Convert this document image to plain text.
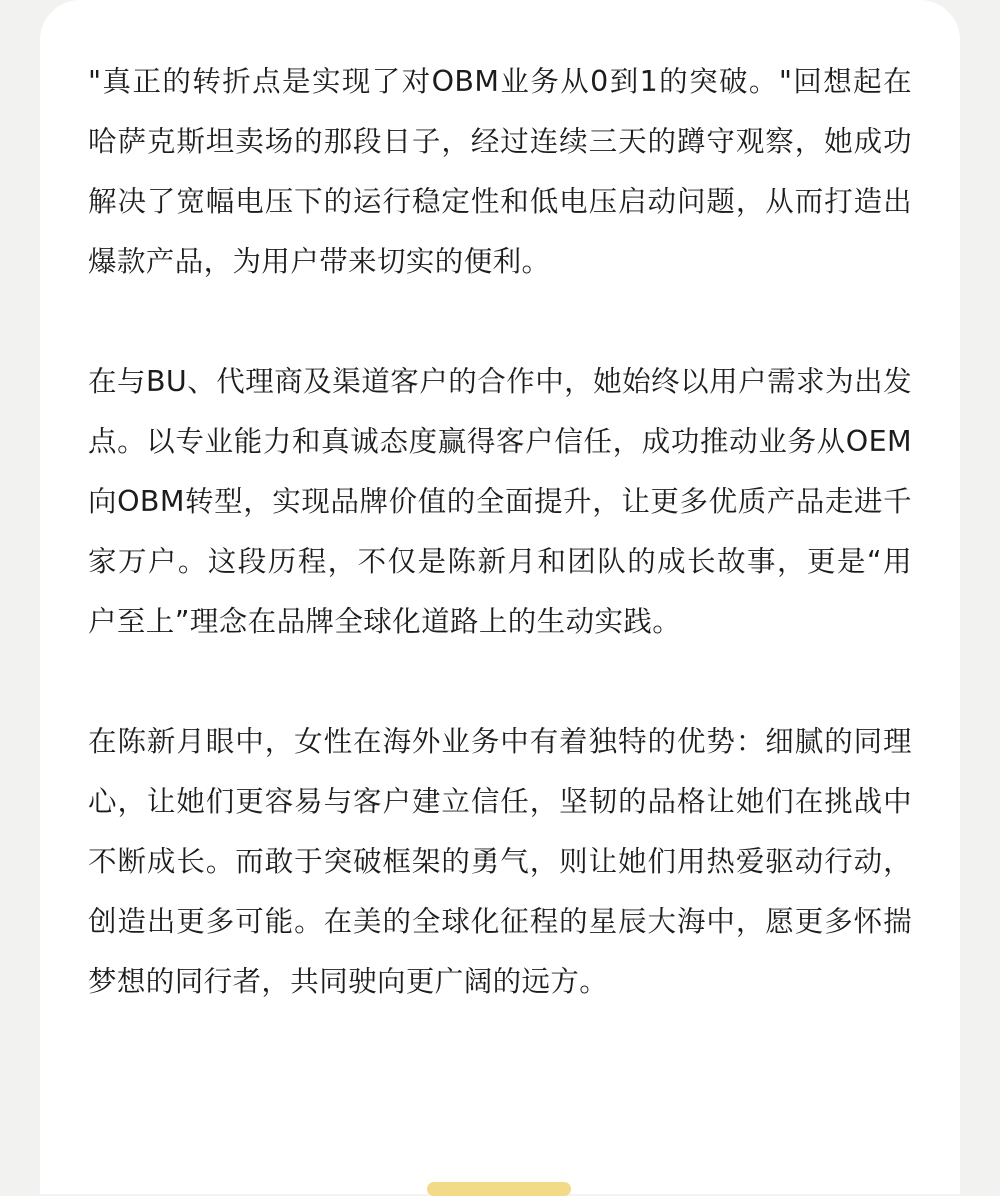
"真正的转折点是实现了对OBM业务从0到1的突破。"回想起在哈萨克斯坦卖场的那段日子，经过连续三天的蹲守观察，她成功解决了宽幅电压下的运行稳定性和低电压启动问题，从而打造出爆款产品，为用户带来切实的便利。

在与BU、代理商及渠道客户的合作中，她始终以用户需求为出发点。以专业能力和真诚态度赢得客户信任，成功推动业务从OEM向OBM转型，实现品牌价值的全面提升，让更多优质产品走进千家万户。这段历程，不仅是陈新月和团队的成长故事，更是“用户至上”理念在品牌全球化道路上的生动实践。

在陈新月眼中，女性在海外业务中有着独特的优势：细腻的同理心，让她们更容易与客户建立信任，坚韧的品格让她们在挑战中不断成长。而敢于突破框架的勇气，则让她们用热爱驱动行动，创造出更多可能。在美的全球化征程的星辰大海中，愿更多怀揣梦想的同行者，共同驶向更广阔的远方。
